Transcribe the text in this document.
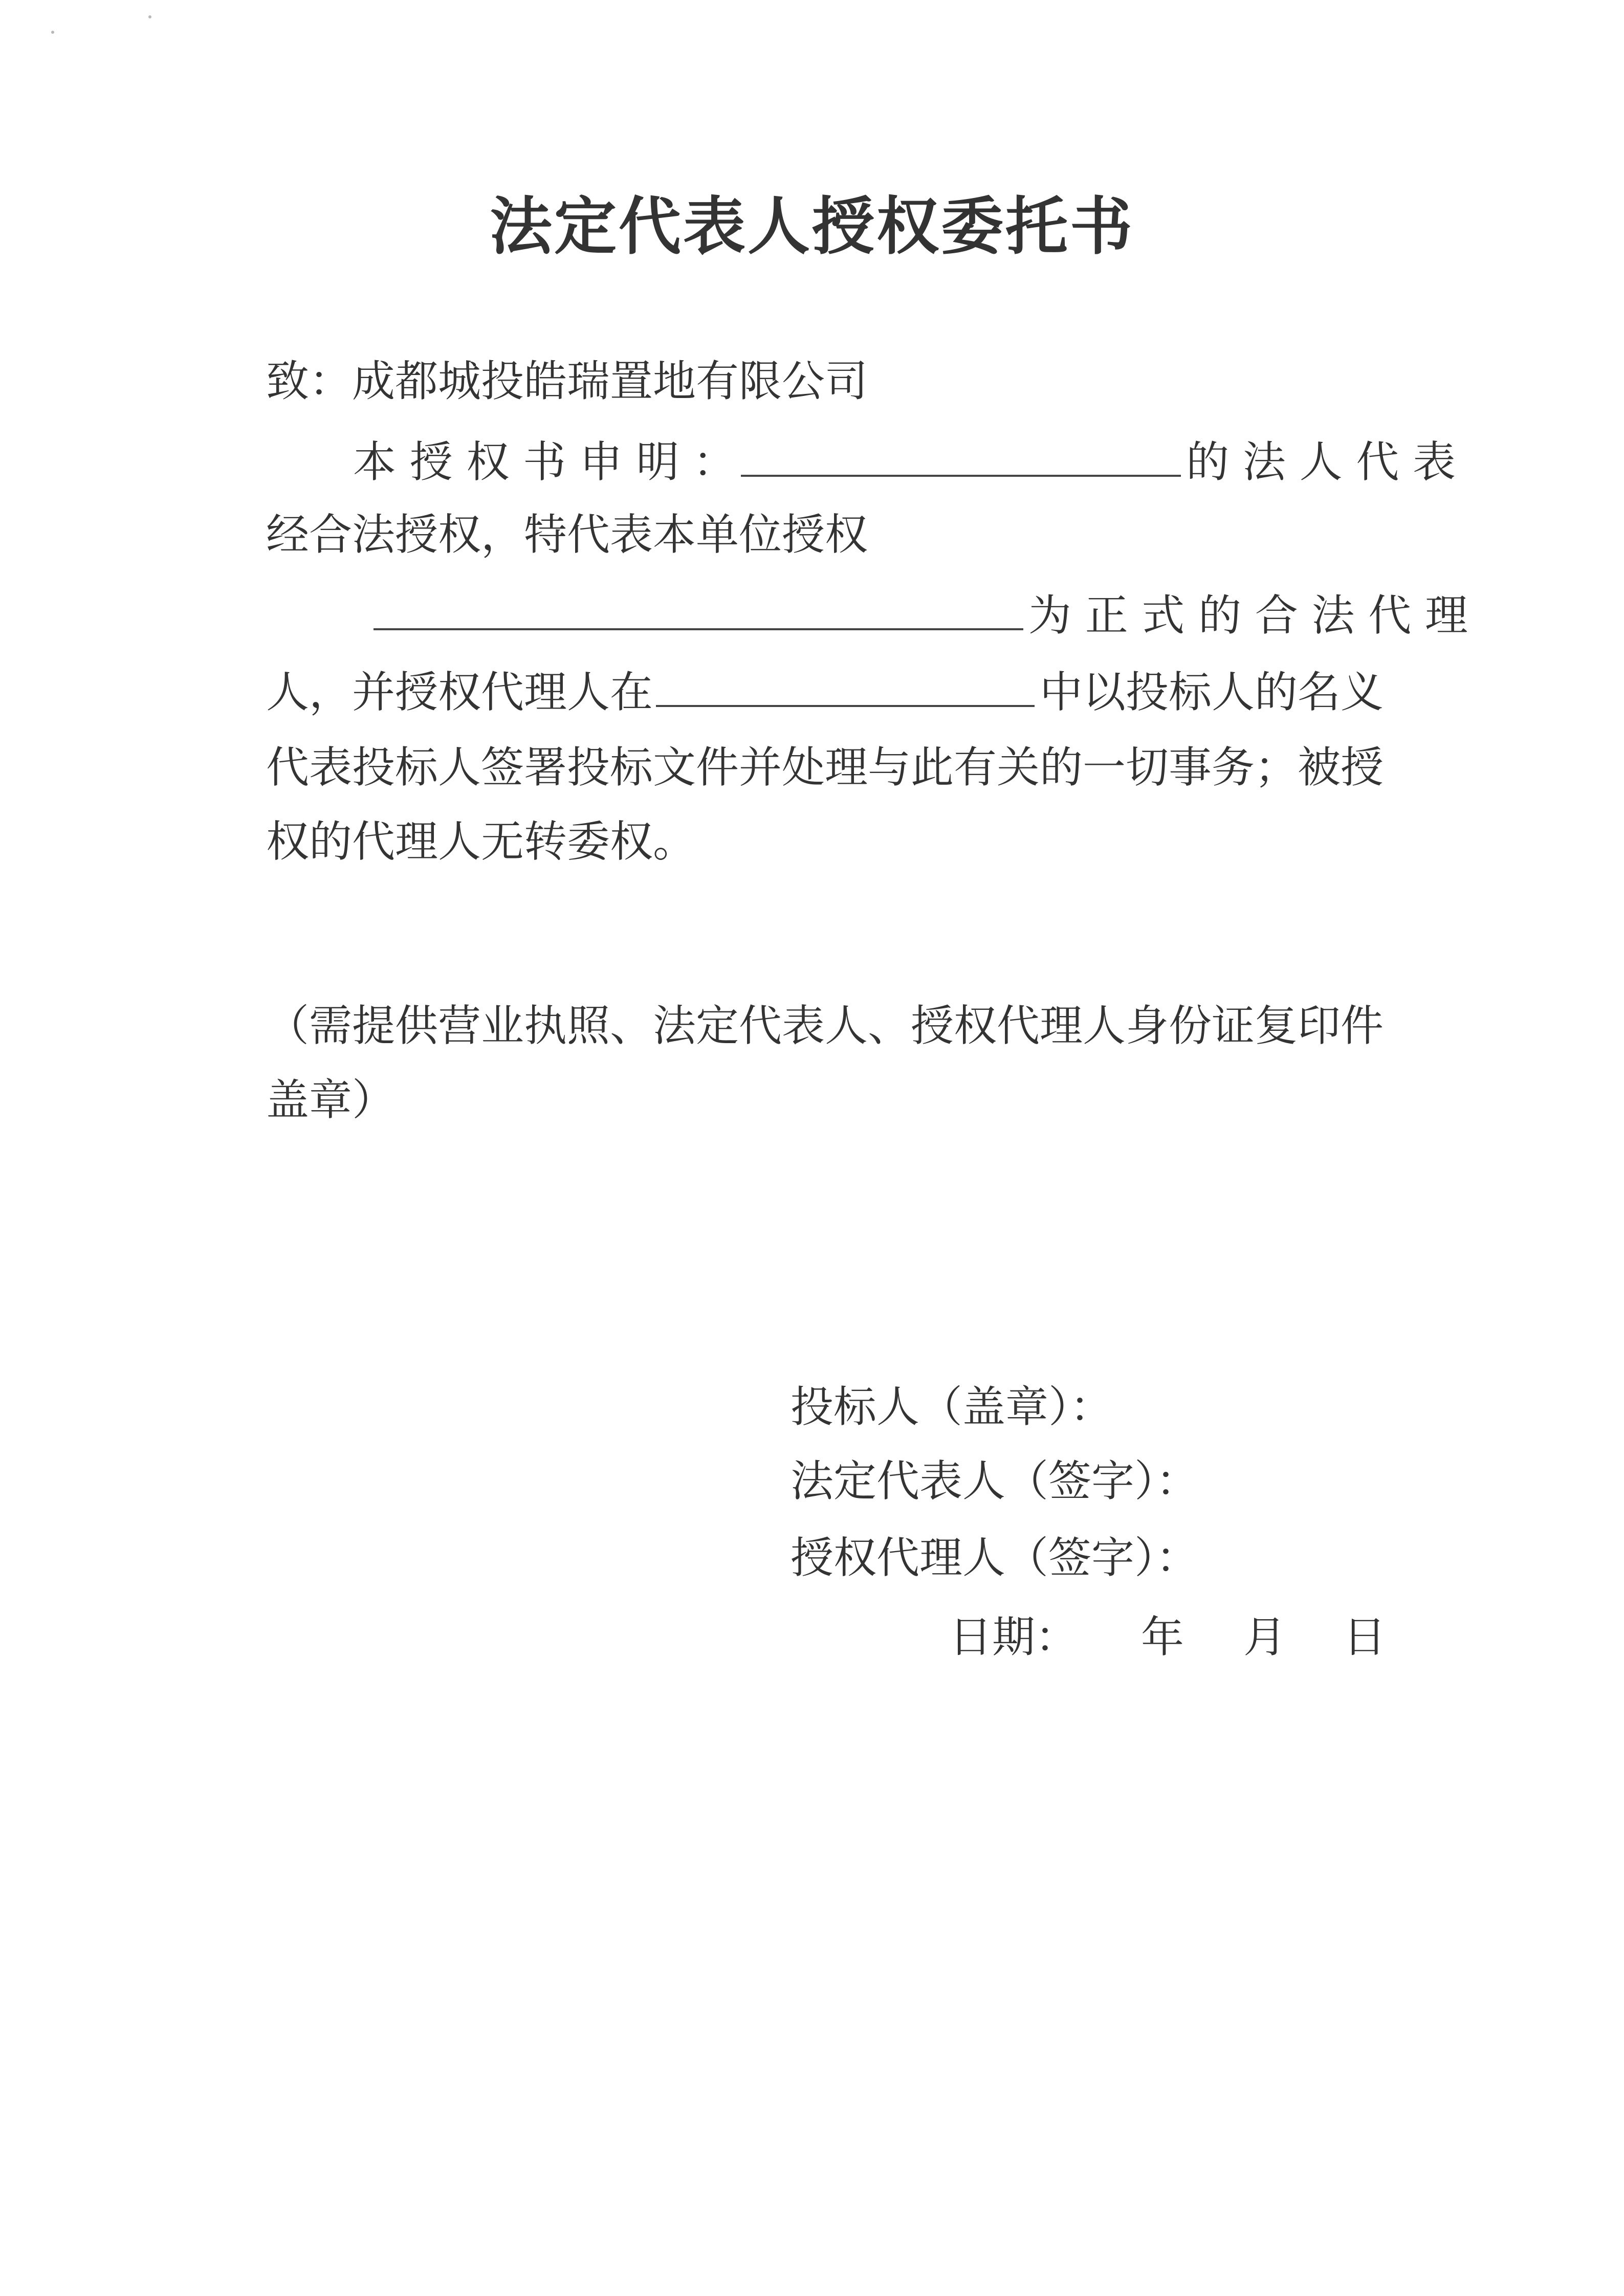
法定代表人授权委托书
致：成都城投皓瑞置地有限公司
本 授 权 书 申 明 ：	的 法 人 代 表
经合法授权，特代表本单位授权
为 正 式 的 合 法 代 理
人，并授权代理人在	中以投标人的名义
代表投标人签署投标文件并处理与此有关的一切事务；被授
权的代理人无转委权。
（需提供营业执照、法定代表人、授权代理人身份证复印件
盖章）
投标人（盖章）：
法定代表人（签字）：
授权代理人（签字）：
日期： 年 月 日
